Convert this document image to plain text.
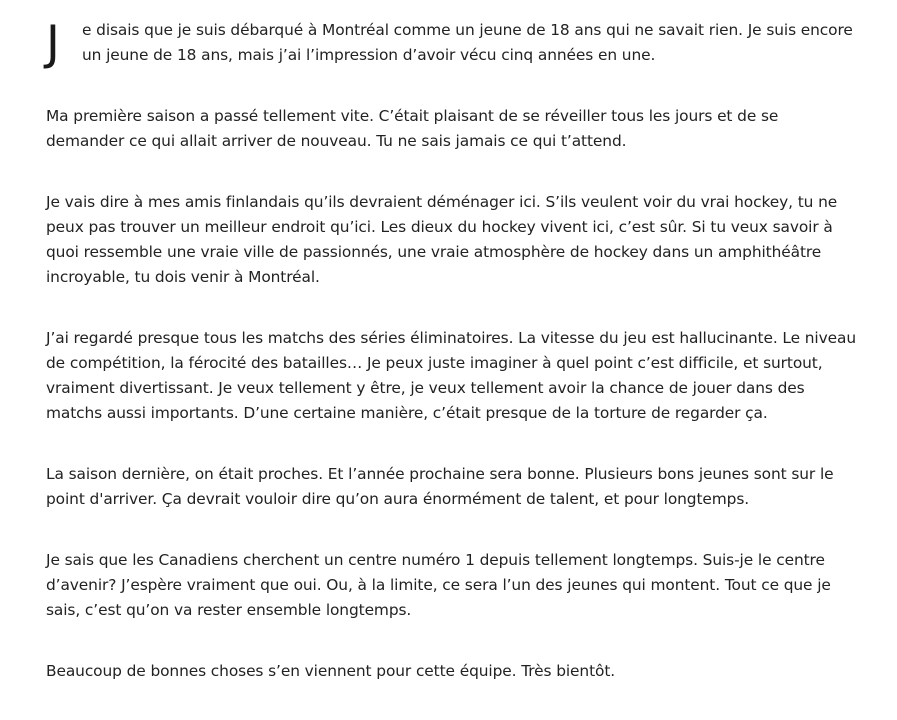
J e disais que je suis débarqué à Montréal comme un jeune de 18 ans qui ne savait rien. Je suis encore un jeune de 18 ans, mais j’ai l’impression d’avoir vécu cinq années en une.

Ma première saison a passé tellement vite. C’était plaisant de se réveiller tous les jours et de se demander ce qui allait arriver de nouveau. Tu ne sais jamais ce qui t’attend.

Je vais dire à mes amis finlandais qu’ils devraient déménager ici. S’ils veulent voir du vrai hockey, tu ne peux pas trouver un meilleur endroit qu’ici. Les dieux du hockey vivent ici, c’est sûr. Si tu veux savoir à quoi ressemble une vraie ville de passionnés, une vraie atmosphère de hockey dans un amphithéâtre incroyable, tu dois venir à Montréal.

J’ai regardé presque tous les matchs des séries éliminatoires. La vitesse du jeu est hallucinante. Le niveau de compétition, la férocité des batailles… Je peux juste imaginer à quel point c’est difficile, et surtout, vraiment divertissant. Je veux tellement y être, je veux tellement avoir la chance de jouer dans des matchs aussi importants. D’une certaine manière, c’était presque de la torture de regarder ça.

La saison dernière, on était proches. Et l’année prochaine sera bonne. Plusieurs bons jeunes sont sur le point d'arriver. Ça devrait vouloir dire qu’on aura énormément de talent, et pour longtemps.

Je sais que les Canadiens cherchent un centre numéro 1 depuis tellement longtemps. Suis-je le centre d’avenir? J’espère vraiment que oui. Ou, à la limite, ce sera l’un des jeunes qui montent. Tout ce que je sais, c’est qu’on va rester ensemble longtemps.

Beaucoup de bonnes choses s’en viennent pour cette équipe. Très bientôt.
